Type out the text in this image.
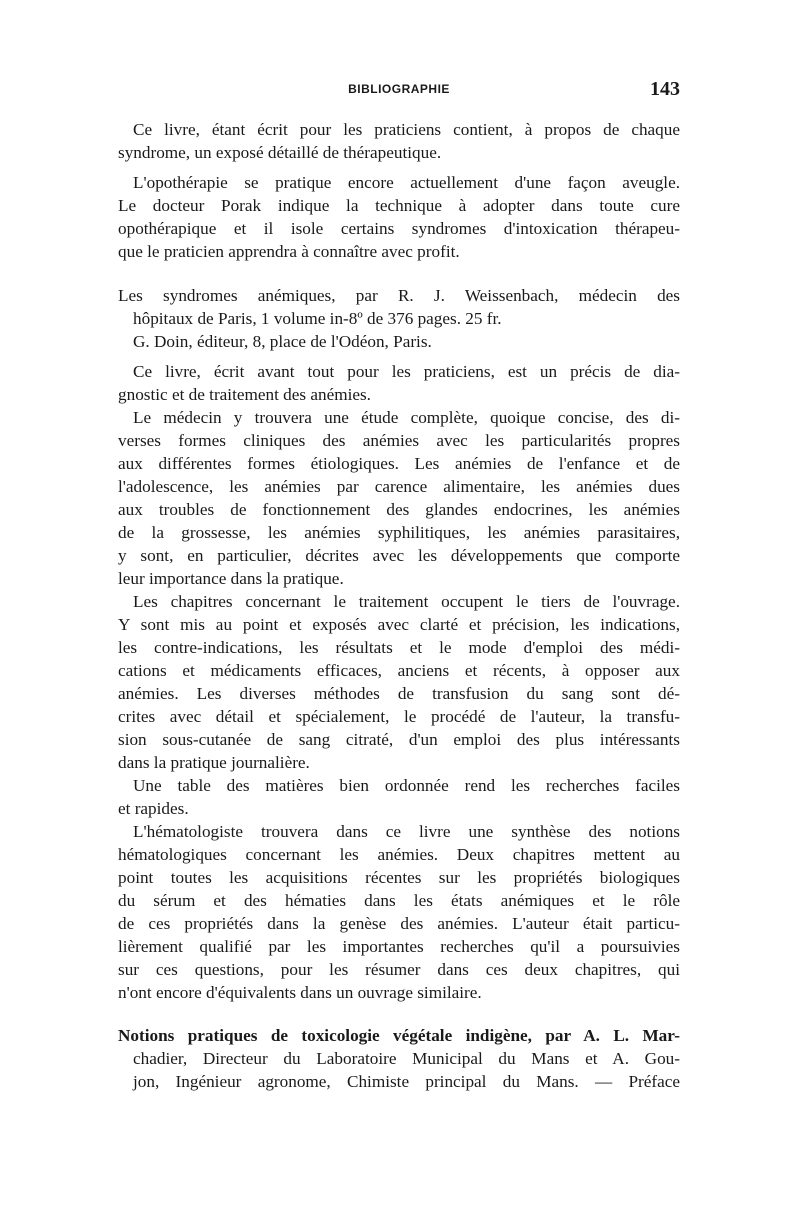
BIBLIOGRAPHIE	143
Ce livre, étant écrit pour les praticiens contient, à propos de chaque
syndrome, un exposé détaillé de thérapeutique.
L'opothérapie se pratique encore actuellement d'une façon aveugle.
Le docteur Porak indique la technique à adopter dans toute cure
opothérapique et il isole certains syndromes d'intoxication thérapeu-
que le praticien apprendra à connaître avec profit.
Les syndromes anémiques, par R. J. Weissenbach, médecin des
hôpitaux de Paris, 1 volume in-8º de 376 pages. 25 fr.
G. Doin, éditeur, 8, place de l'Odéon, Paris.
Ce livre, écrit avant tout pour les praticiens, est un précis de dia-
gnostic et de traitement des anémies.
Le médecin y trouvera une étude complète, quoique concise, des di-
verses formes cliniques des anémies avec les particularités propres
aux différentes formes étiologiques. Les anémies de l'enfance et de
l'adolescence, les anémies par carence alimentaire, les anémies dues
aux troubles de fonctionnement des glandes endocrines, les anémies
de la grossesse, les anémies syphilitiques, les anémies parasitaires,
y sont, en particulier, décrites avec les développements que comporte
leur importance dans la pratique.
Les chapitres concernant le traitement occupent le tiers de l'ouvrage.
Y sont mis au point et exposés avec clarté et précision, les indications,
les contre-indications, les résultats et le mode d'emploi des médi-
cations et médicaments efficaces, anciens et récents, à opposer aux
anémies. Les diverses méthodes de transfusion du sang sont dé-
crites avec détail et spécialement, le procédé de l'auteur, la transfu-
sion sous-cutanée de sang citraté, d'un emploi des plus intéressants
dans la pratique journalière.
Une table des matières bien ordonnée rend les recherches faciles
et rapides.
L'hématologiste trouvera dans ce livre une synthèse des notions
hématologiques concernant les anémies. Deux chapitres mettent au
point toutes les acquisitions récentes sur les propriétés biologiques
du sérum et des hématies dans les états anémiques et le rôle
de ces propriétés dans la genèse des anémies. L'auteur était particu-
lièrement qualifié par les importantes recherches qu'il a poursuivies
sur ces questions, pour les résumer dans ces deux chapitres, qui
n'ont encore d'équivalents dans un ouvrage similaire.
Notions pratiques de toxicologie végétale indigène, par A. L. Mar-
chadier, Directeur du Laboratoire Municipal du Mans et A. Gou-
jon, Ingénieur agronome, Chimiste principal du Mans. — Préface
